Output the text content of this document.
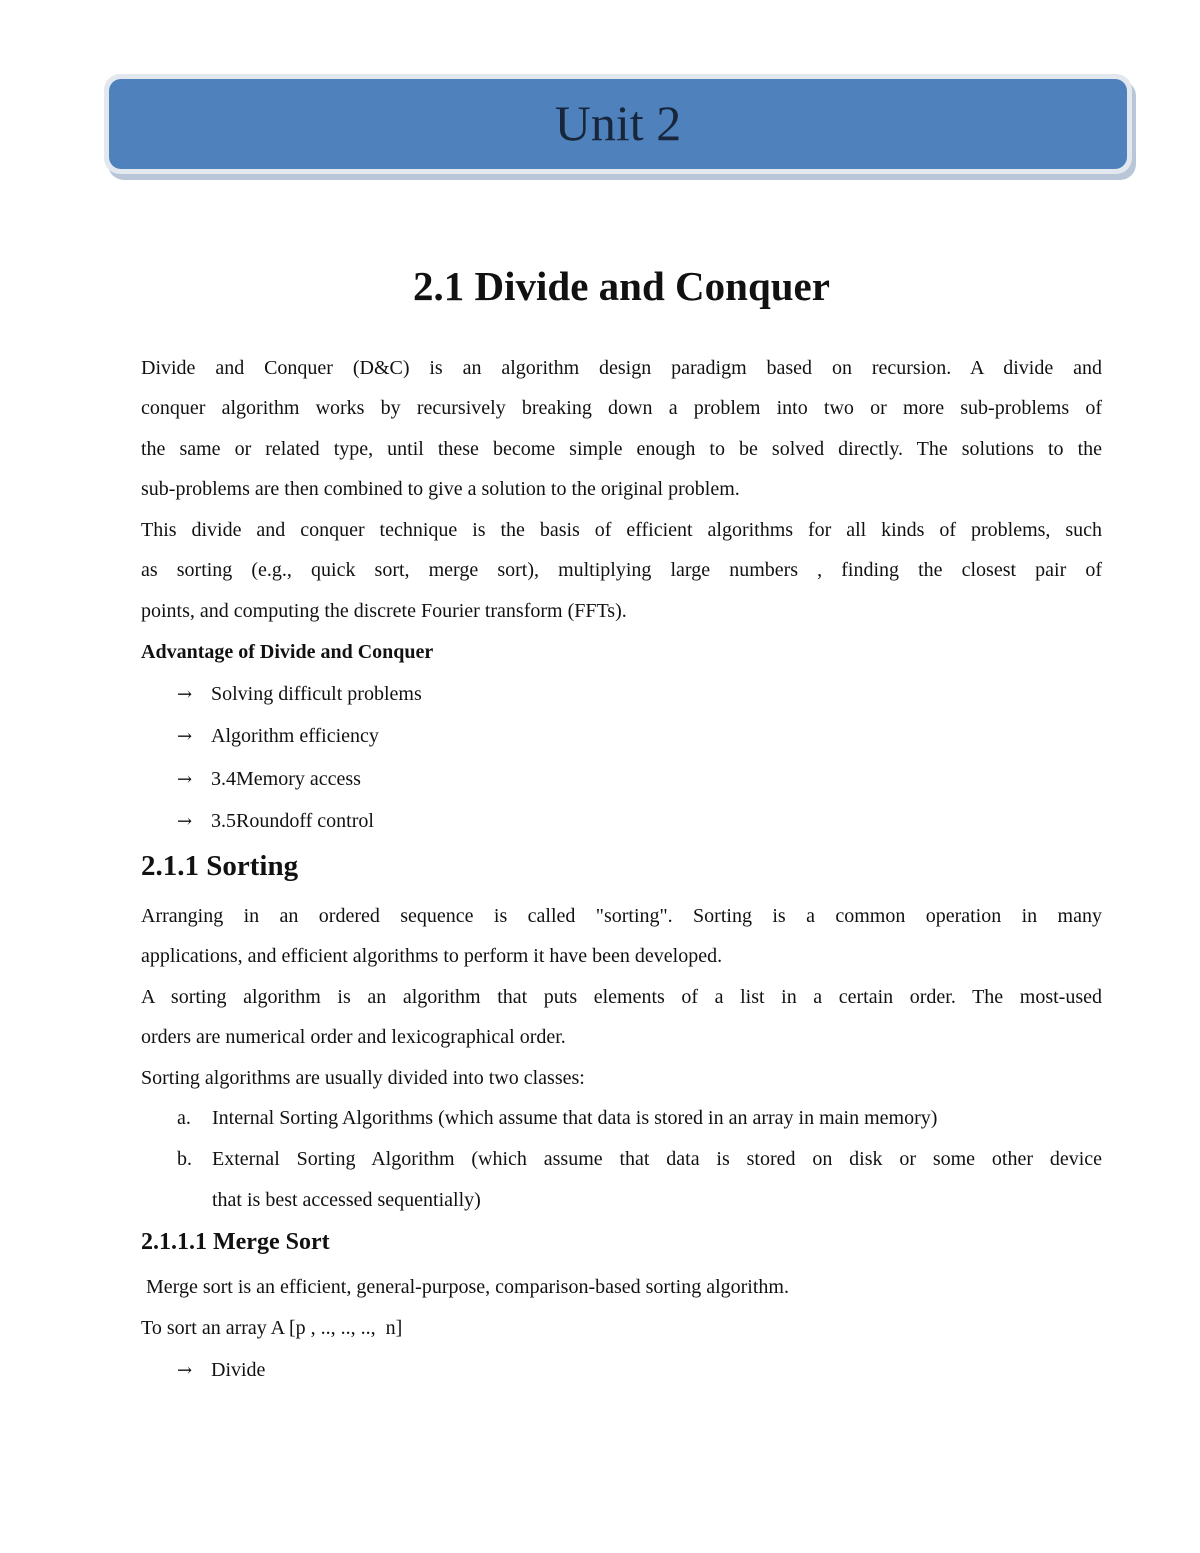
Unit 2
2.1 Divide and Conquer
Divide and Conquer (D&C) is an algorithm design paradigm based on recursion. A divide and
conquer algorithm works by recursively breaking down a problem into two or more sub-problems of
the same or related type, until these become simple enough to be solved directly. The solutions to the
sub-problems are then combined to give a solution to the original problem.
This divide and conquer technique is the basis of efficient algorithms for all kinds of problems, such
as sorting (e.g., quick sort, merge sort), multiplying large numbers , finding the closest pair of
points, and computing the discrete Fourier transform (FFTs).
Advantage of Divide and Conquer
→ Solving difficult problems
→ Algorithm efficiency
→ 3.4Memory access
→ 3.5Roundoff control
2.1.1 Sorting
Arranging in an ordered sequence is called "sorting". Sorting is a common operation in many
applications, and efficient algorithms to perform it have been developed.
A sorting algorithm is an algorithm that puts elements of a list in a certain order. The most-used
orders are numerical order and lexicographical order.
Sorting algorithms are usually divided into two classes:
a. Internal Sorting Algorithms (which assume that data is stored in an array in main memory)
b. External Sorting Algorithm (which assume that data is stored on disk or some other device
that is best accessed sequentially)
2.1.1.1 Merge Sort
Merge sort is an efficient, general-purpose, comparison-based sorting algorithm.
To sort an array A [p , .., .., ..,  n]
→ Divide
